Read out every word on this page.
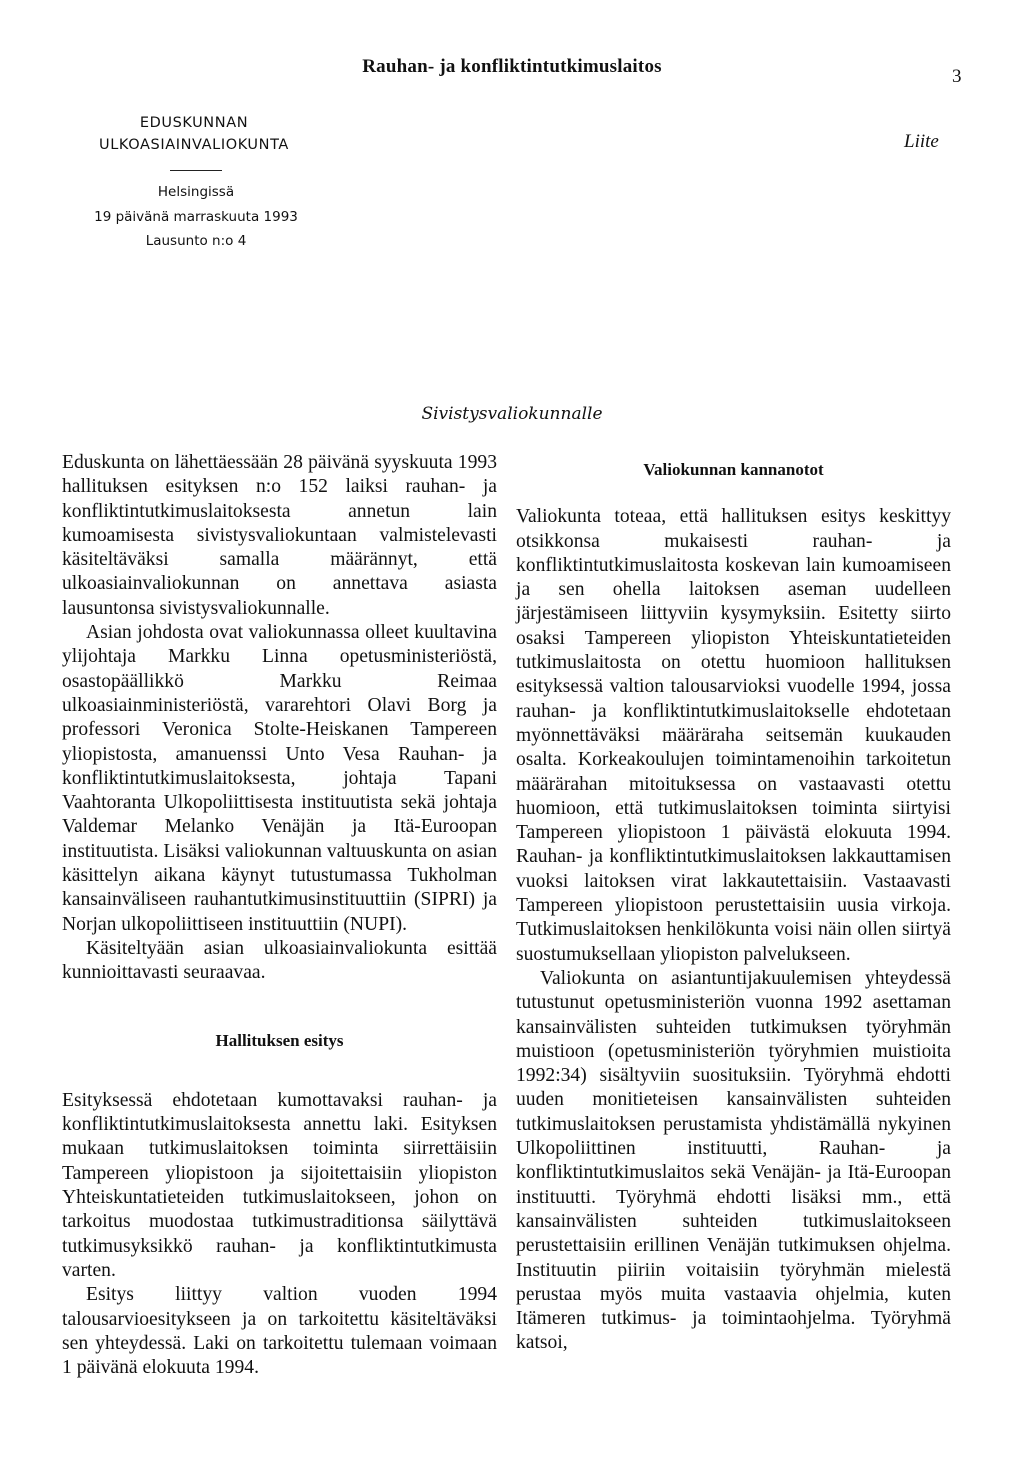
Rauhan- ja konfliktintutkimuslaitos	3
Liite
EDUSKUNNAN
ULKOASIAINVALIOKUNTA
Helsingissä
19 päivänä marraskuuta 1993
Lausunto n:o 4
Sivistysvaliokunnalle

Eduskunta on lähettäessään 28 päivänä syyskuuta 1993 hallituksen esityksen n:o 152 laiksi rauhan- ja konfliktintutkimuslaitoksesta annetun lain kumoamisesta sivistysvaliokuntaan valmistelevasti käsiteltäväksi samalla määrännyt, että ulkoasiainvaliokunnan on annettava asiasta lausuntonsa sivistysvaliokunnalle.

Asian johdosta ovat valiokunnassa olleet kuultavina ylijohtaja Markku Linna opetusministeriöstä, osastopäällikkö Markku Reimaa ulkoasiainministeriöstä, vararehtori Olavi Borg ja professori Veronica Stolte-Heiskanen Tampereen yliopistosta, amanuenssi Unto Vesa Rauhan- ja konfliktintutkimuslaitoksesta, johtaja Tapani Vaahtoranta Ulkopoliittisesta instituutista sekä johtaja Valdemar Melanko Venäjän ja Itä-Euroopan instituutista. Lisäksi valiokunnan valtuuskunta on asian käsittelyn aikana käynyt tutustumassa Tukholman kansainväliseen rauhantutkimusinstituuttiin (SIPRI) ja Norjan ulkopoliittiseen instituuttiin (NUPI).

Käsiteltyään asian ulkoasiainvaliokunta esittää kunnioittavasti seuraavaa.

Hallituksen esitys

Esityksessä ehdotetaan kumottavaksi rauhan- ja konfliktintutkimuslaitoksesta annettu laki. Esityksen mukaan tutkimuslaitoksen toiminta siirrettäisiin Tampereen yliopistoon ja sijoitettaisiin yliopiston Yhteiskuntatieteiden tutkimuslaitokseen, johon on tarkoitus muodostaa tutkimustraditionsa säilyttävä tutkimusyksikkö rauhan- ja konfliktintutkimusta varten.

Esitys liittyy valtion vuoden 1994 talousarvioesitykseen ja on tarkoitettu käsiteltäväksi sen yhteydessä. Laki on tarkoitettu tulemaan voimaan 1 päivänä elokuuta 1994.

Valiokunnan kannanotot

Valiokunta toteaa, että hallituksen esitys keskittyy otsikkonsa mukaisesti rauhan- ja konfliktintutkimuslaitosta koskevan lain kumoamiseen ja sen ohella laitoksen aseman uudelleen järjestämiseen liittyviin kysymyksiin. Esitetty siirto osaksi Tampereen yliopiston Yhteiskuntatieteiden tutkimuslaitosta on otettu huomioon hallituksen esityksessä valtion talousarvioksi vuodelle 1994, jossa rauhan- ja konfliktintutkimuslaitokselle ehdotetaan myönnettäväksi määräraha seitsemän kuukauden osalta. Korkeakoulujen toimintamenoihin tarkoitetun määrärahan mitoituksessa on vastaavasti otettu huomioon, että tutkimuslaitoksen toiminta siirtyisi Tampereen yliopistoon 1 päivästä elokuuta 1994. Rauhan- ja konfliktintutkimuslaitoksen lakkauttamisen vuoksi laitoksen virat lakkautettaisiin. Vastaavasti Tampereen yliopistoon perustettaisiin uusia virkoja. Tutkimuslaitoksen henkilökunta voisi näin ollen siirtyä suostumuksellaan yliopiston palvelukseen.

Valiokunta on asiantuntijakuulemisen yhteydessä tutustunut opetusministeriön vuonna 1992 asettaman kansainvälisten suhteiden tutkimuksen työryhmän muistioon (opetusministeriön työryhmien muistioita 1992:34) sisältyviin suosituksiin. Työryhmä ehdotti uuden monitieteisen kansainvälisten suhteiden tutkimuslaitoksen perustamista yhdistämällä nykyinen Ulkopoliittinen instituutti, Rauhan- ja konfliktintutkimuslaitos sekä Venäjän- ja Itä-Euroopan instituutti. Työryhmä ehdotti lisäksi mm., että kansainvälisten suhteiden tutkimuslaitokseen perustettaisiin erillinen Venäjän tutkimuksen ohjelma. Instituutin piiriin voitaisiin työryhmän mielestä perustaa myös muita vastaavia ohjelmia, kuten Itämeren tutkimus- ja toimintaohjelma. Työryhmä katsoi,
